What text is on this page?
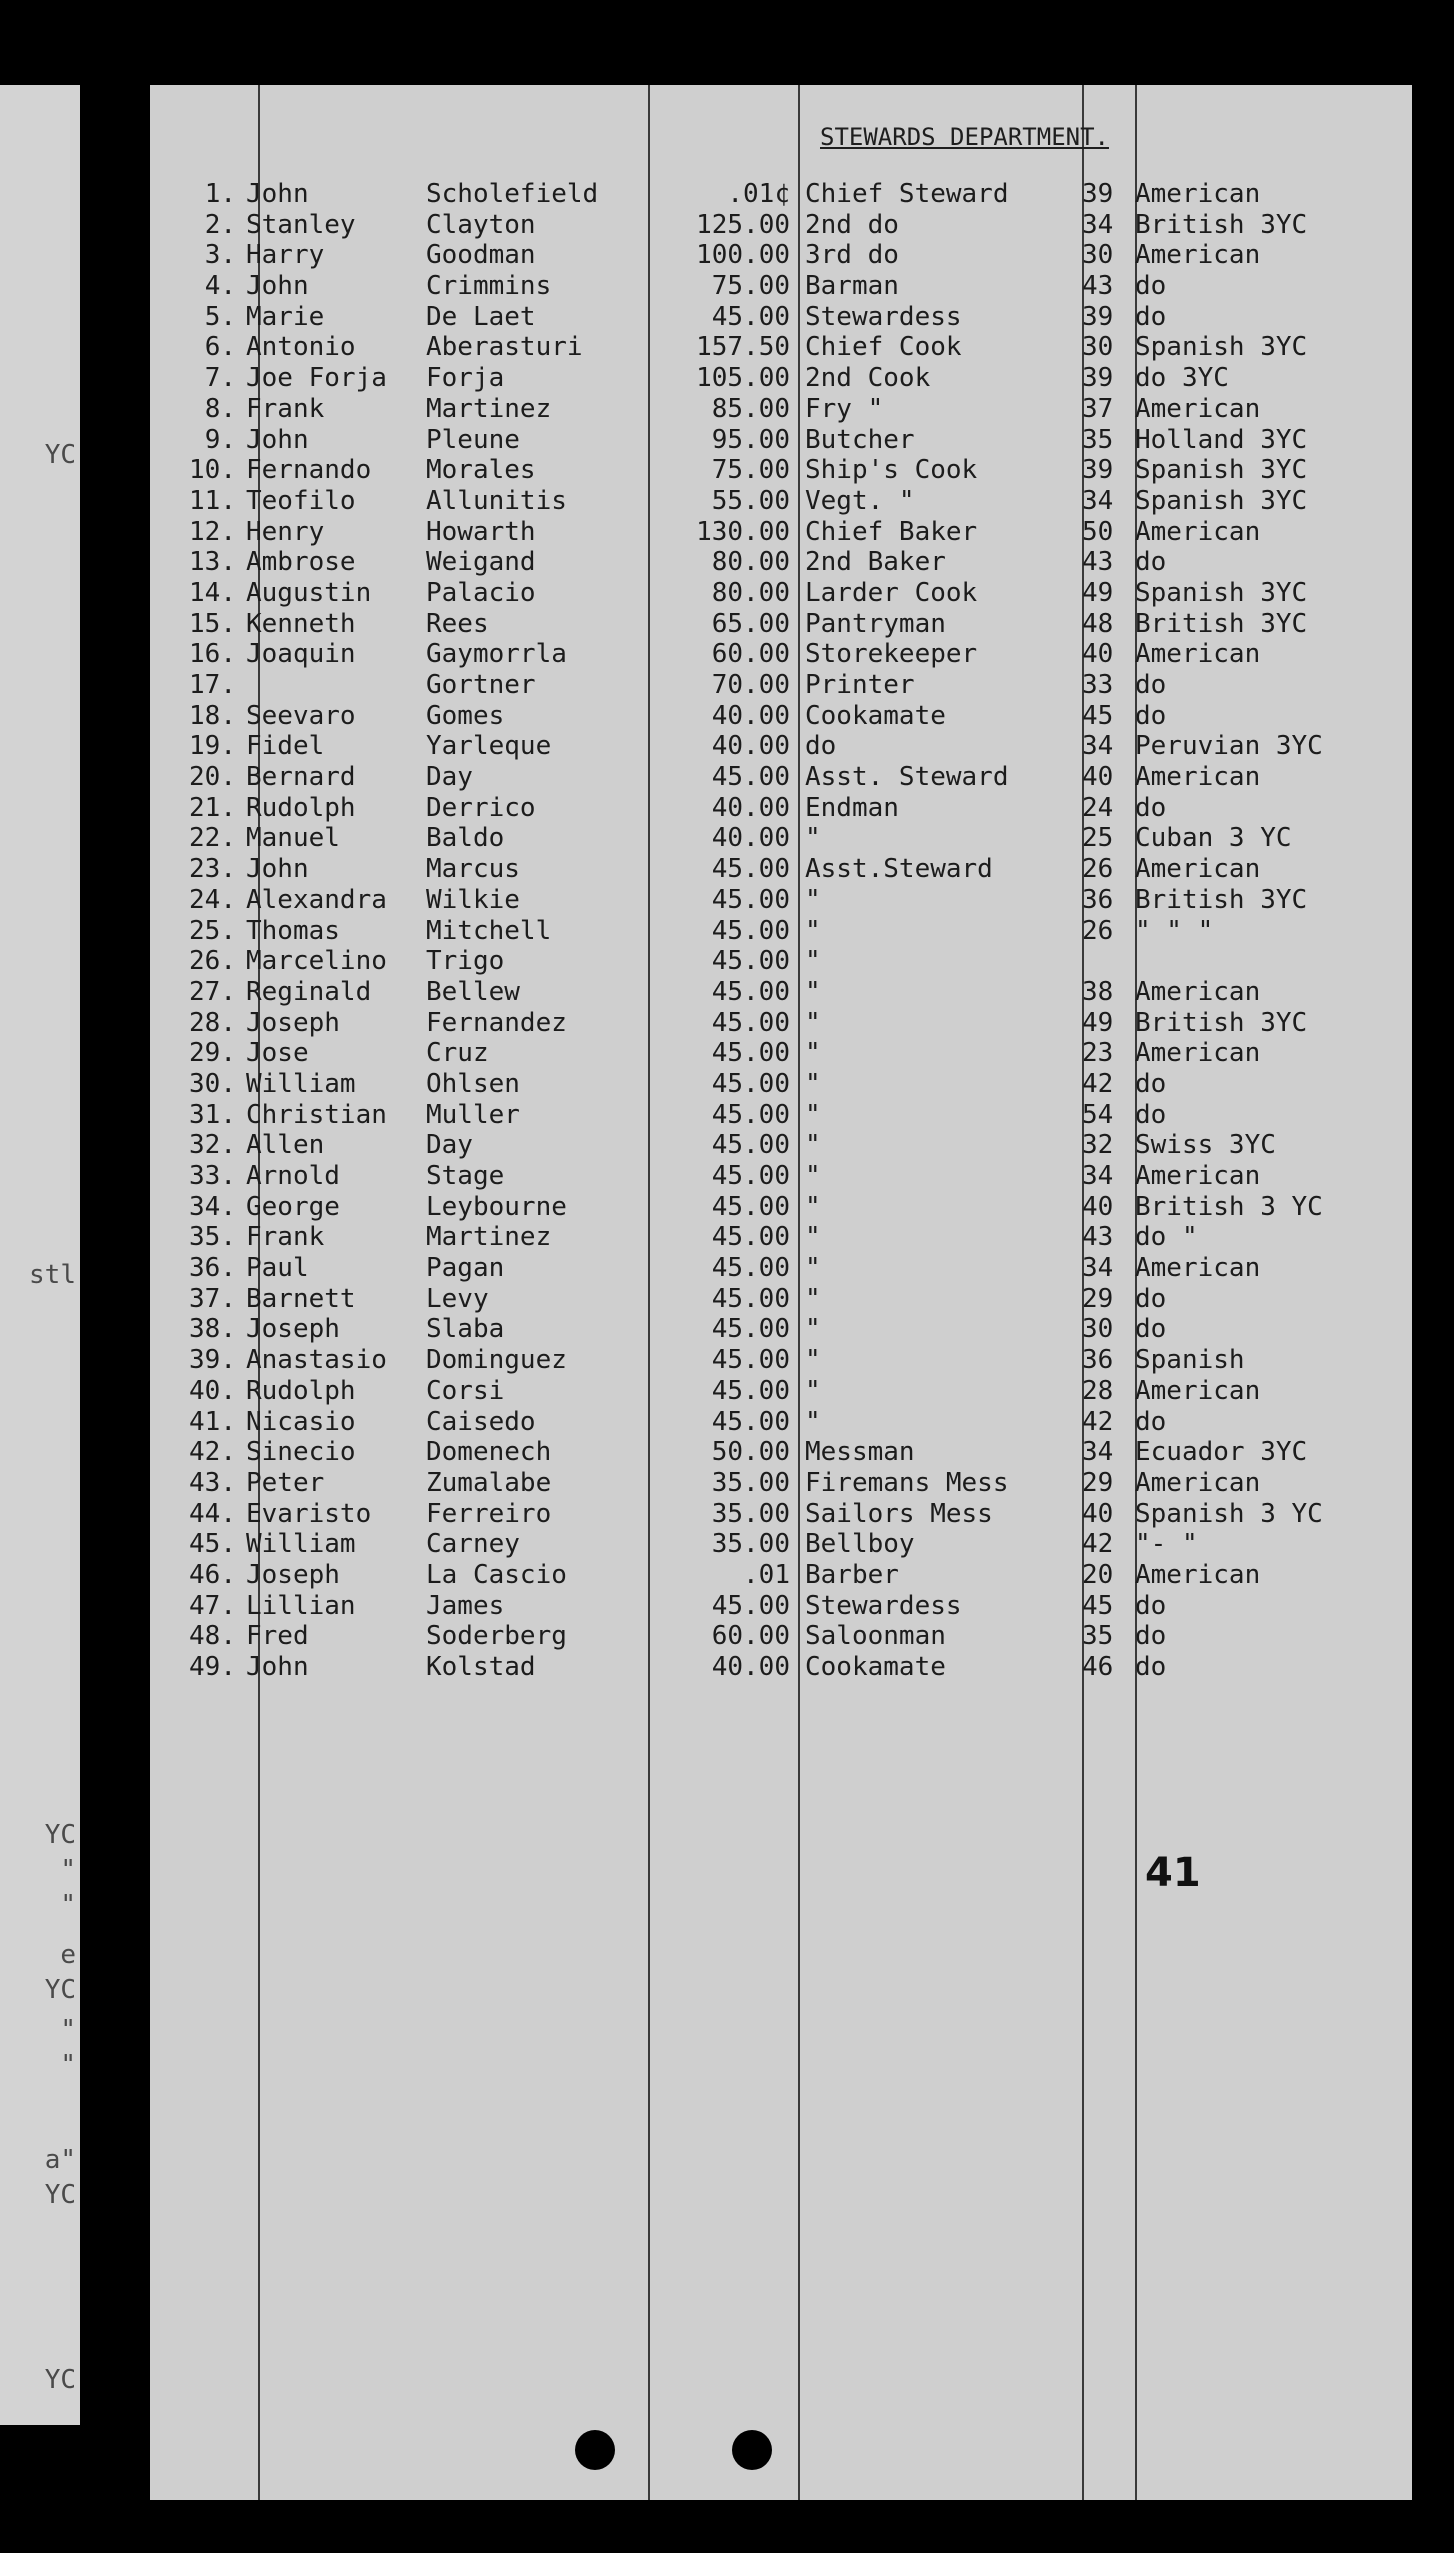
YC
stl
YC
"
"
e
YC
"
"
a"
YC
YC
STEWARDS DEPARTMENT.
1. John	Scholefield	.01¢ Chief Steward	39 American
2. Stanley	Clayton	125.00 2nd do	34 British 3YC
3. Harry	Goodman	100.00 3rd do	30 American
4. John	Crimmins	75.00 Barman	43 do
5. Marie	De Laet	45.00 Stewardess	39 do
6. Antonio	Aberasturi	157.50 Chief Cook	30 Spanish 3YC
7. Joe Forja	Forja	105.00 2nd Cook	39 do 3YC
8. Frank	Martinez	85.00 Fry "	37 American
9. John	Pleune	95.00 Butcher	35 Holland 3YC
10. Fernando	Morales	75.00 Ship's Cook	39 Spanish 3YC
11. Teofilo	Allunitis	55.00 Vegt. "	34 Spanish 3YC
12. Henry	Howarth	130.00 Chief Baker	50 American
13. Ambrose	Weigand	80.00 2nd Baker	43 do
14. Augustin	Palacio	80.00 Larder Cook	49 Spanish 3YC
15. Kenneth	Rees	65.00 Pantryman	48 British 3YC
16. Joaquin	Gaymorrla	60.00 Storekeeper	40 American
17.	Gortner	70.00 Printer	33 do
18. Seevaro	Gomes	40.00 Cookamate	45 do
19. Fidel	Yarleque	40.00 do	34 Peruvian 3YC
20. Bernard	Day	45.00 Asst. Steward	40 American
21. Rudolph	Derrico	40.00 Endman	24 do
22. Manuel	Baldo	40.00 "	25 Cuban 3 YC
23. John	Marcus	45.00 Asst.Steward	26 American
24. Alexandra	Wilkie	45.00 "	36 British 3YC
25. Thomas	Mitchell	45.00 "	26 " " "
26. Marcelino	Trigo	45.00 "
27. Reginald	Bellew	45.00 "	38 American
28. Joseph	Fernandez	45.00 "	49 British 3YC
29. Jose	Cruz	45.00 "	23 American
30. William	Ohlsen	45.00 "	42 do
31. Christian	Muller	45.00 "	54 do
32. Allen	Day	45.00 "	32 Swiss 3YC
33. Arnold	Stage	45.00 "	34 American
34. George	Leybourne	45.00 "	40 British 3 YC
35. Frank	Martinez	45.00 "	43 do "
36. Paul	Pagan	45.00 "	34 American
37. Barnett	Levy	45.00 "	29 do
38. Joseph	Slaba	45.00 "	30 do
39. Anastasio	Dominguez	45.00 "	36 Spanish
40. Rudolph	Corsi	45.00 "	28 American
41. Nicasio	Caisedo	45.00 "	42 do
42. Sinecio	Domenech	50.00 Messman	34 Ecuador 3YC
43. Peter	Zumalabe	35.00 Firemans Mess	29 American
44. Evaristo	Ferreiro	35.00 Sailors Mess	40 Spanish 3 YC
45. William	Carney	35.00 Bellboy	42 "- "
46. Joseph	La Cascio	.01 Barber	20 American
47. Lillian	James	45.00 Stewardess	45 do
48. Fred	Soderberg	60.00 Saloonman	35 do
49. John	Kolstad	40.00 Cookamate	46 do
41
